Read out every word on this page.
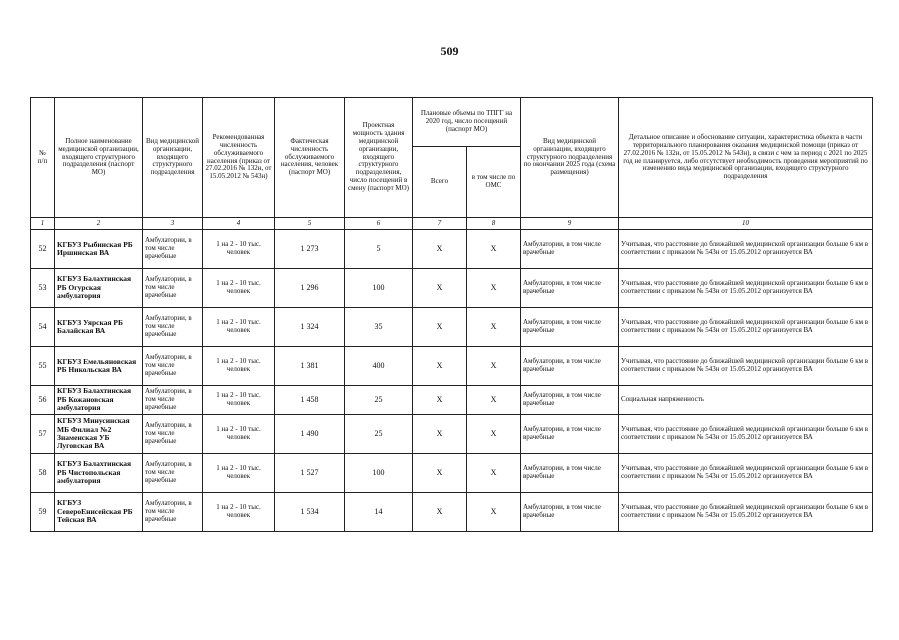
509
№
п/п	Полное наименование медицинской организации, входящего структурного подразделения (паспорт МО)	Вид медицинской организации, входящего структурного подразделения	Рекомендованная численность обслуживаемого населения (приказ от 27.02.2016 № 132н, от 15.05.2012 № 543н)	Фактическая численность обслуживаемого населения, человек (паспорт МО)	Проектная мощность здания медицинской организации, входящего структурного подразделения, число посещений в смену (паспорт МО)	Плановые объемы по ТПГГ на 2020 год, число посещений (паспорт МО)		Вид медицинской организации, входящего структурного подразделения по окончании 2025 года (схема размещения)	Детальное описание и обоснование ситуации, характеристика объекта в части территориального планирования оказания медицинской помощи (приказ от 27.02.2016 № 132н, от 15.05.2012 № 543н), в связи с чем за период с 2021 по 2025 год не планируется, либо отсутствует необходимость проведения мероприятий по изменению вида медицинской организации, входящего структурного подразделения
						Всего	в том числе по ОМС		
1	2	3	4	5	6	7	8	9	10
52	КГБУЗ Рыбинская РБ Иршинская ВА	Амбулатории, в том числе врачебные	1 на 2 - 10 тыс. человек	1 273	5	X	X	Амбулатории, в том числе врачебные	Учитывая, что расстояние до ближайшей медицинской организации больше 6 км в соответствии с приказом № 543н от 15.05.2012 организуется ВА
53	КГБУЗ Балахтинская РБ Огурская амбулатория	Амбулатории, в том числе врачебные	1 на 2 - 10 тыс. человек	1 296	100	X	X	Амбулатории, в том числе врачебные	Учитывая, что расстояние до ближайшей медицинской организации больше 6 км в соответствии с приказом № 543н от 15.05.2012 организуется ВА
54	КГБУЗ Уярская РБ Балайская ВА	Амбулатории, в том числе врачебные	1 на 2 - 10 тыс. человек	1 324	35	X	X	Амбулатории, в том числе врачебные	Учитывая, что расстояние до ближайшей медицинской организации больше 6 км в соответствии с приказом № 543н от 15.05.2012 организуется ВА
55	КГБУЗ Емельяновская РБ Никольская ВА	Амбулатории, в том числе врачебные	1 на 2 - 10 тыс. человек	1 381	400	X	X	Амбулатории, в том числе врачебные	Учитывая, что расстояние до ближайшей медицинской организации больше 6 км в соответствии с приказом № 543н от 15.05.2012 организуется ВА
56	КГБУЗ Балахтинская РБ Кожановская амбулатория	Амбулатории, в том числе врачебные	1 на 2 - 10 тыс. человек	1 458	25	X	X	Амбулатории, в том числе врачебные	Социальная напряженность
57	КГБУЗ Минусинская МБ Филиал №2 Знаменская УБ Луговская ВА	Амбулатории, в том числе врачебные	1 на 2 - 10 тыс. человек	1 490	25	X	X	Амбулатории, в том числе врачебные	Учитывая, что расстояние до ближайшей медицинской организации больше 6 км в соответствии с приказом № 543н от 15.05.2012 организуется ВА
58	КГБУЗ Балахтинская РБ Чистопольская амбулатория	Амбулатории, в том числе врачебные	1 на 2 - 10 тыс. человек	1 527	100	X	X	Амбулатории, в том числе врачебные	Учитывая, что расстояние до ближайшей медицинской организации больше 6 км в соответствии с приказом № 543н от 15.05.2012 организуется ВА
59	КГБУЗ СевероЕнисейская РБ Тейская ВА	Амбулатории, в том числе врачебные	1 на 2 - 10 тыс. человек	1 534	14	X	X	Амбулатории, в том числе врачебные	Учитывая, что расстояние до ближайшей медицинской организации больше 6 км в соответствии с приказом № 543н от 15.05.2012 организуется ВА
